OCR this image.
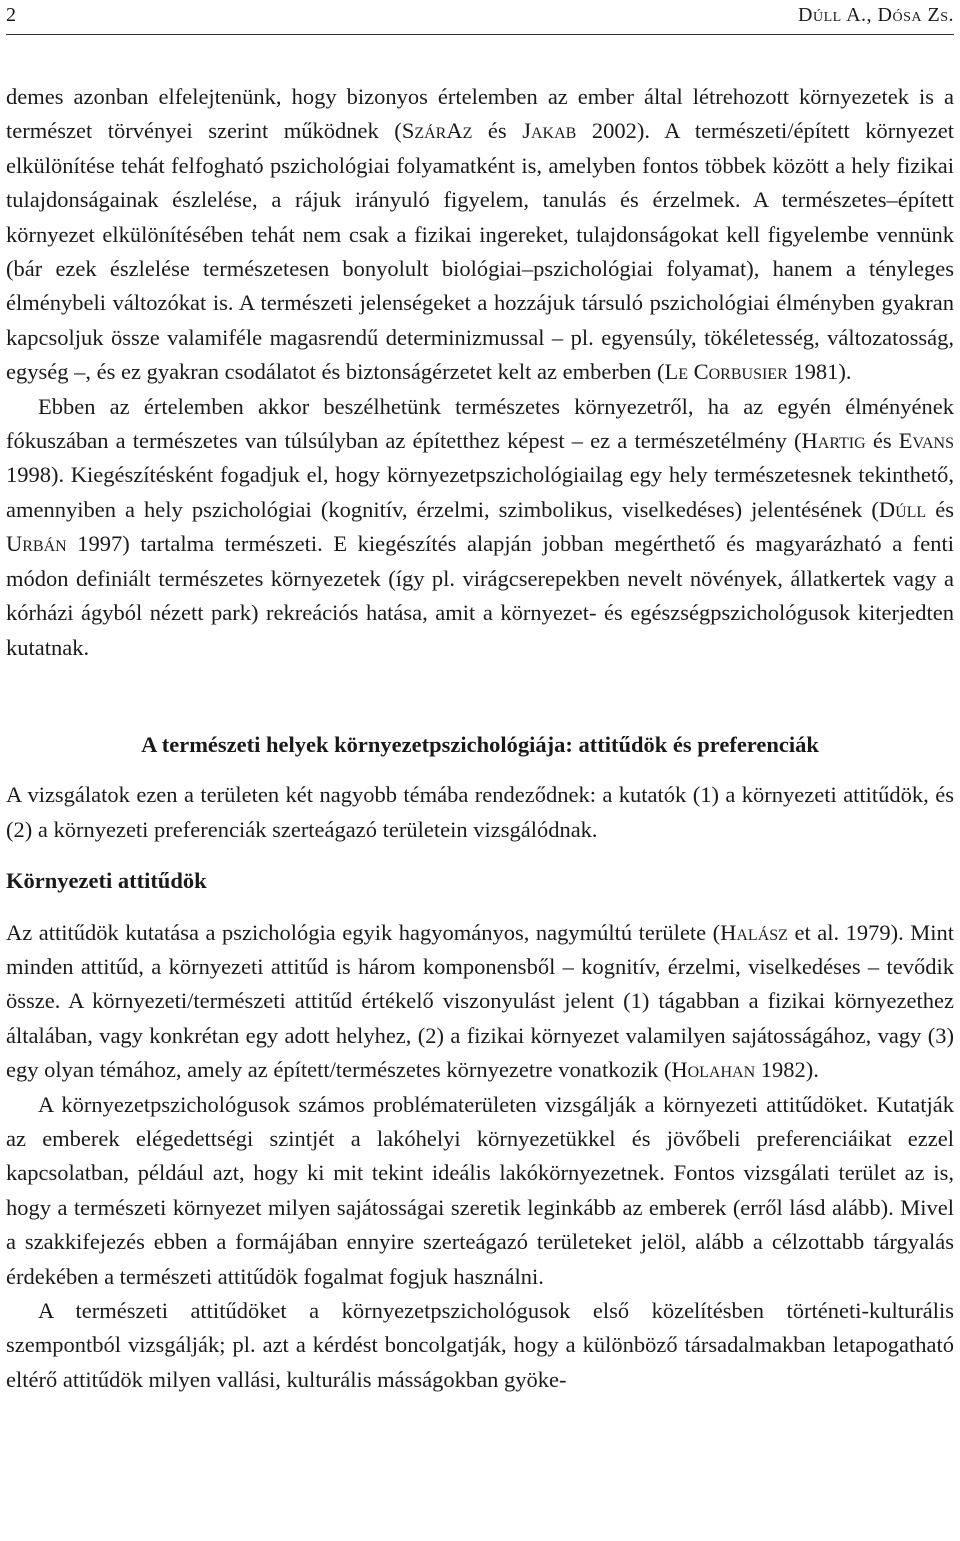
2	Dúll A., Dósa Zs.

demes azonban elfelejtenünk, hogy bizonyos értelemben az ember által létrehozott környezetek is a természet törvényei szerint működnek (SzárAz és Jakab 2002). A természeti/épített környezet elkülönítése tehát felfogható pszichológiai folyamatként is, amelyben fontos többek között a hely fizikai tulajdonságainak észlelése, a rájuk irányuló figyelem, tanulás és érzelmek. A természetes–épített környezet elkülönítésében tehát nem csak a fizikai ingereket, tulajdonságokat kell figyelembe vennünk (bár ezek észlelése természetesen bonyolult biológiai–pszichológiai folyamat), hanem a tényleges élménybeli változókat is. A természeti jelenségeket a hozzájuk társuló pszichológiai élményben gyakran kapcsoljuk össze valamiféle magasrendű determinizmussal – pl. egyensúly, tökéletesség, változatosság, egység –, és ez gyakran csodálatot és biztonságérzetet kelt az emberben (Le Corbusier 1981).

Ebben az értelemben akkor beszélhetünk természetes környezetről, ha az egyén élményének fókuszában a természetes van túlsúlyban az építetthez képest – ez a természetélmény (Hartig és Evans 1998). Kiegészítésként fogadjuk el, hogy környezetpszichológiailag egy hely természetesnek tekinthető, amennyiben a hely pszichológiai (kognitív, érzelmi, szimbolikus, viselkedéses) jelentésének (Dúll és Urbán 1997) tartalma természeti. E kiegészítés alapján jobban megérthető és magyarázható a fenti módon definiált természetes környezetek (így pl. virágcserepekben nevelt növények, állatkertek vagy a kórházi ágyból nézett park) rekreációs hatása, amit a környezet- és egészségpszichológusok kiterjedten kutatnak.

A természeti helyek környezetpszichológiája: attitűdök és preferenciák

A vizsgálatok ezen a területen két nagyobb témába rendeződnek: a kutatók (1) a környezeti attitűdök, és (2) a környezeti preferenciák szerteágazó területein vizsgálódnak.

Környezeti attitűdök

Az attitűdök kutatása a pszichológia egyik hagyományos, nagymúltú területe (Halász et al. 1979). Mint minden attitűd, a környezeti attitűd is három komponensből – kognitív, érzelmi, viselkedéses – tevődik össze. A környezeti/természeti attitűd értékelő viszonyulást jelent (1) tágabban a fizikai környezethez általában, vagy konkrétan egy adott helyhez, (2) a fizikai környezet valamilyen sajátosságához, vagy (3) egy olyan témához, amely az épített/természetes környezetre vonatkozik (Holahan 1982).

A környezetpszichológusok számos problématerületen vizsgálják a környezeti attitűdöket. Kutatják az emberek elégedettségi szintjét a lakóhelyi környezetükkel és jövőbeli preferenciáikat ezzel kapcsolatban, például azt, hogy ki mit tekint ideális lakókörnyezetnek. Fontos vizsgálati terület az is, hogy a természeti környezet milyen sajátosságai szeretik leginkább az emberek (erről lásd alább). Mivel a szakkifejezés ebben a formájában ennyire szerteágazó területeket jelöl, alább a célzottabb tárgyalás érdekében a természeti attitűdök fogalmat fogjuk használni.

A természeti attitűdöket a környezetpszichológusok első közelítésben történeti-kulturális szempontból vizsgálják; pl. azt a kérdést boncolgatják, hogy a különböző társadalmakban letapogatható eltérő attitűdök milyen vallási, kulturális másságokban gyöke-
